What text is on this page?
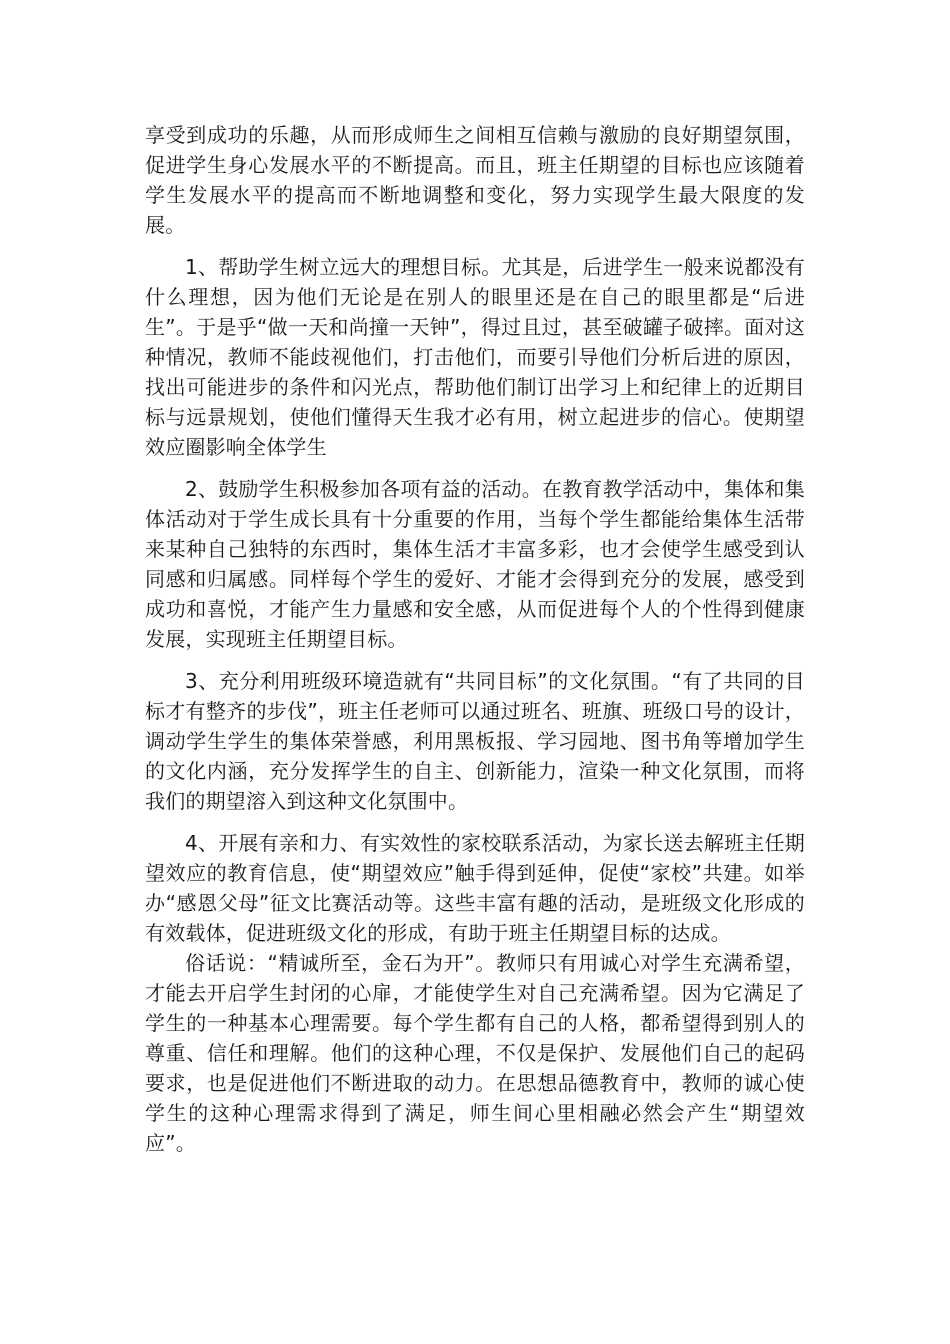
享受到成功的乐趣，从而形成师生之间相互信赖与激励的良好期望氛围，促进学生身心发展水平的不断提高。而且，班主任期望的目标也应该随着学生发展水平的提高而不断地调整和变化，努力实现学生最大限度的发展。

1、帮助学生树立远大的理想目标。尤其是，后进学生一般来说都没有什么理想，因为他们无论是在别人的眼里还是在自己的眼里都是“后进生”。于是乎“做一天和尚撞一天钟”，得过且过，甚至破罐子破摔。面对这种情况，教师不能歧视他们，打击他们，而要引导他们分析后进的原因，找出可能进步的条件和闪光点，帮助他们制订出学习上和纪律上的近期目标与远景规划，使他们懂得天生我才必有用，树立起进步的信心。使期望效应圈影响全体学生

2、鼓励学生积极参加各项有益的活动。在教育教学活动中，集体和集体活动对于学生成长具有十分重要的作用，当每个学生都能给集体生活带来某种自己独特的东西时，集体生活才丰富多彩，也才会使学生感受到认同感和归属感。同样每个学生的爱好、才能才会得到充分的发展，感受到成功和喜悦，才能产生力量感和安全感，从而促进每个人的个性得到健康发展，实现班主任期望目标。

3、充分利用班级环境造就有“共同目标”的文化氛围。“有了共同的目标才有整齐的步伐”，班主任老师可以通过班名、班旗、班级口号的设计，调动学生学生的集体荣誉感，利用黑板报、学习园地、图书角等增加学生的文化内涵，充分发挥学生的自主、创新能力，渲染一种文化氛围，而将我们的期望溶入到这种文化氛围中。

4、开展有亲和力、有实效性的家校联系活动，为家长送去解班主任期望效应的教育信息，使“期望效应”触手得到延伸，促使“家校”共建。如举办“感恩父母”征文比赛活动等。这些丰富有趣的活动，是班级文化形成的有效载体，促进班级文化的形成，有助于班主任期望目标的达成。

俗话说：“精诚所至，金石为开”。教师只有用诚心对学生充满希望，才能去开启学生封闭的心扉，才能使学生对自己充满希望。因为它满足了学生的一种基本心理需要。每个学生都有自己的人格，都希望得到别人的尊重、信任和理解。他们的这种心理，不仅是保护、发展他们自己的起码要求，也是促进他们不断进取的动力。在思想品德教育中，教师的诚心使学生的这种心理需求得到了满足，师生间心里相融必然会产生“期望效应”。
